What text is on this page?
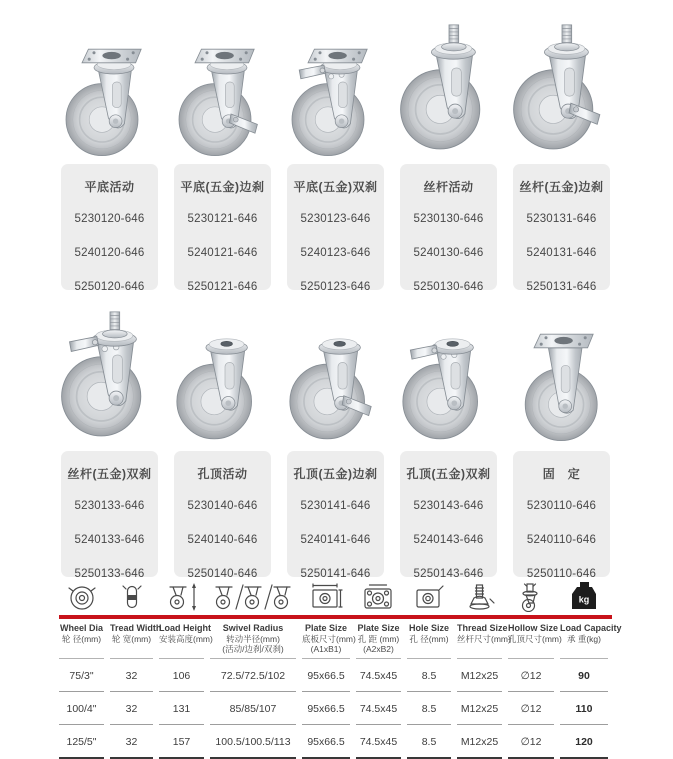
平底活动
5230120-646
5240120-646
5250120-646
平底(五金)边刹
5230121-646
5240121-646
5250121-646
平底(五金)双刹
5230123-646
5240123-646
5250123-646
丝杆活动
5230130-646
5240130-646
5250130-646
丝杆(五金)边刹
5230131-646
5240131-646
5250131-646
丝杆(五金)双刹
5230133-646
5240133-646
5250133-646
孔顶活动
5230140-646
5240140-646
5250140-646
孔顶(五金)边刹
5230141-646
5240141-646
5250141-646
孔顶(五金)双刹
5230143-646
5240143-646
5250143-646
固　定
5230110-646
5240110-646
5250110-646
kg
Wheel Dia
轮 径(mm)
Tread Width
轮 宽(mm)
Load Height
安装高度(mm)
Swivel Radius
转动半径(mm)
(活动/边刹/双刹)
Plate Size
底板尺寸(mm)
(A1xB1)
Plate Size
孔 距 (mm)
(A2xB2)
Hole Size
孔 径(mm)
Thread Size
丝杆尺寸(mm)
Hollow Size
孔顶尺寸(mm)
Load Capacity
承 重(kg)
75/3"	32	106	72.5/72.5/102	95x66.5	74.5x45	8.5	M12x25	∅12	90
100/4"	32	131	85/85/107	95x66.5	74.5x45	8.5	M12x25	∅12	110
125/5"	32	157	100.5/100.5/113	95x66.5	74.5x45	8.5	M12x25	∅12	120
